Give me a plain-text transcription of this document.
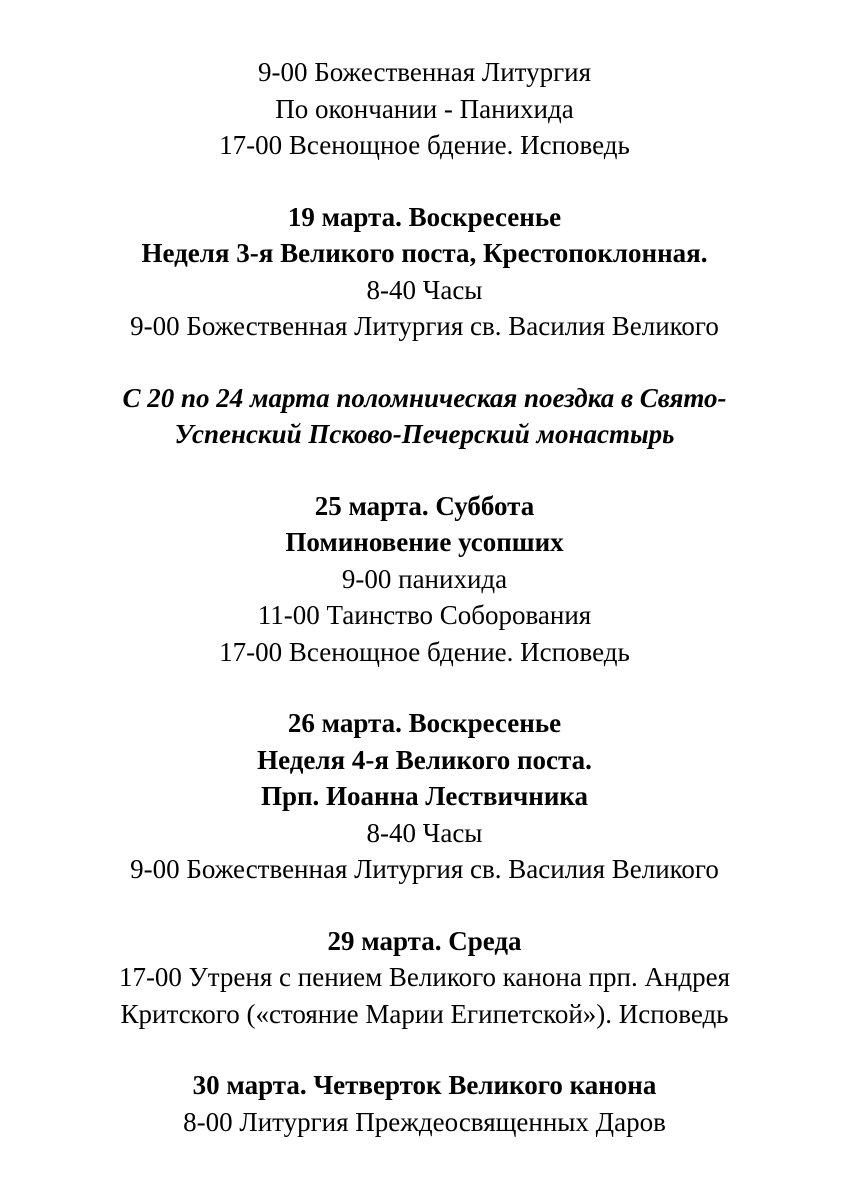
9-00 Божественная Литургия

По окончании - Панихида

17-00 Всенощное бдение. Исповедь

19 марта. Воскресенье

Неделя 3-я Великого поста, Крестопоклонная.

8-40 Часы

9-00 Божественная Литургия св. Василия Великого

С 20 по 24 марта поломническая поездка в Свято-

Успенский Псково-Печерский монастырь

25 марта. Суббота

Поминовение усопших

9-00 панихида

11-00 Таинство Соборования

17-00 Всенощное бдение. Исповедь

26 марта. Воскресенье

Неделя 4-я Великого поста.

Прп. Иоанна Лествичника

8-40 Часы

9-00 Божественная Литургия св. Василия Великого

29 марта. Среда

17-00 Утреня с пением Великого канона прп. Андрея

Критского («стояние Марии Египетской»). Исповедь

30 марта. Четверток Великого канона

8-00 Литургия Преждеосвященных Даров
